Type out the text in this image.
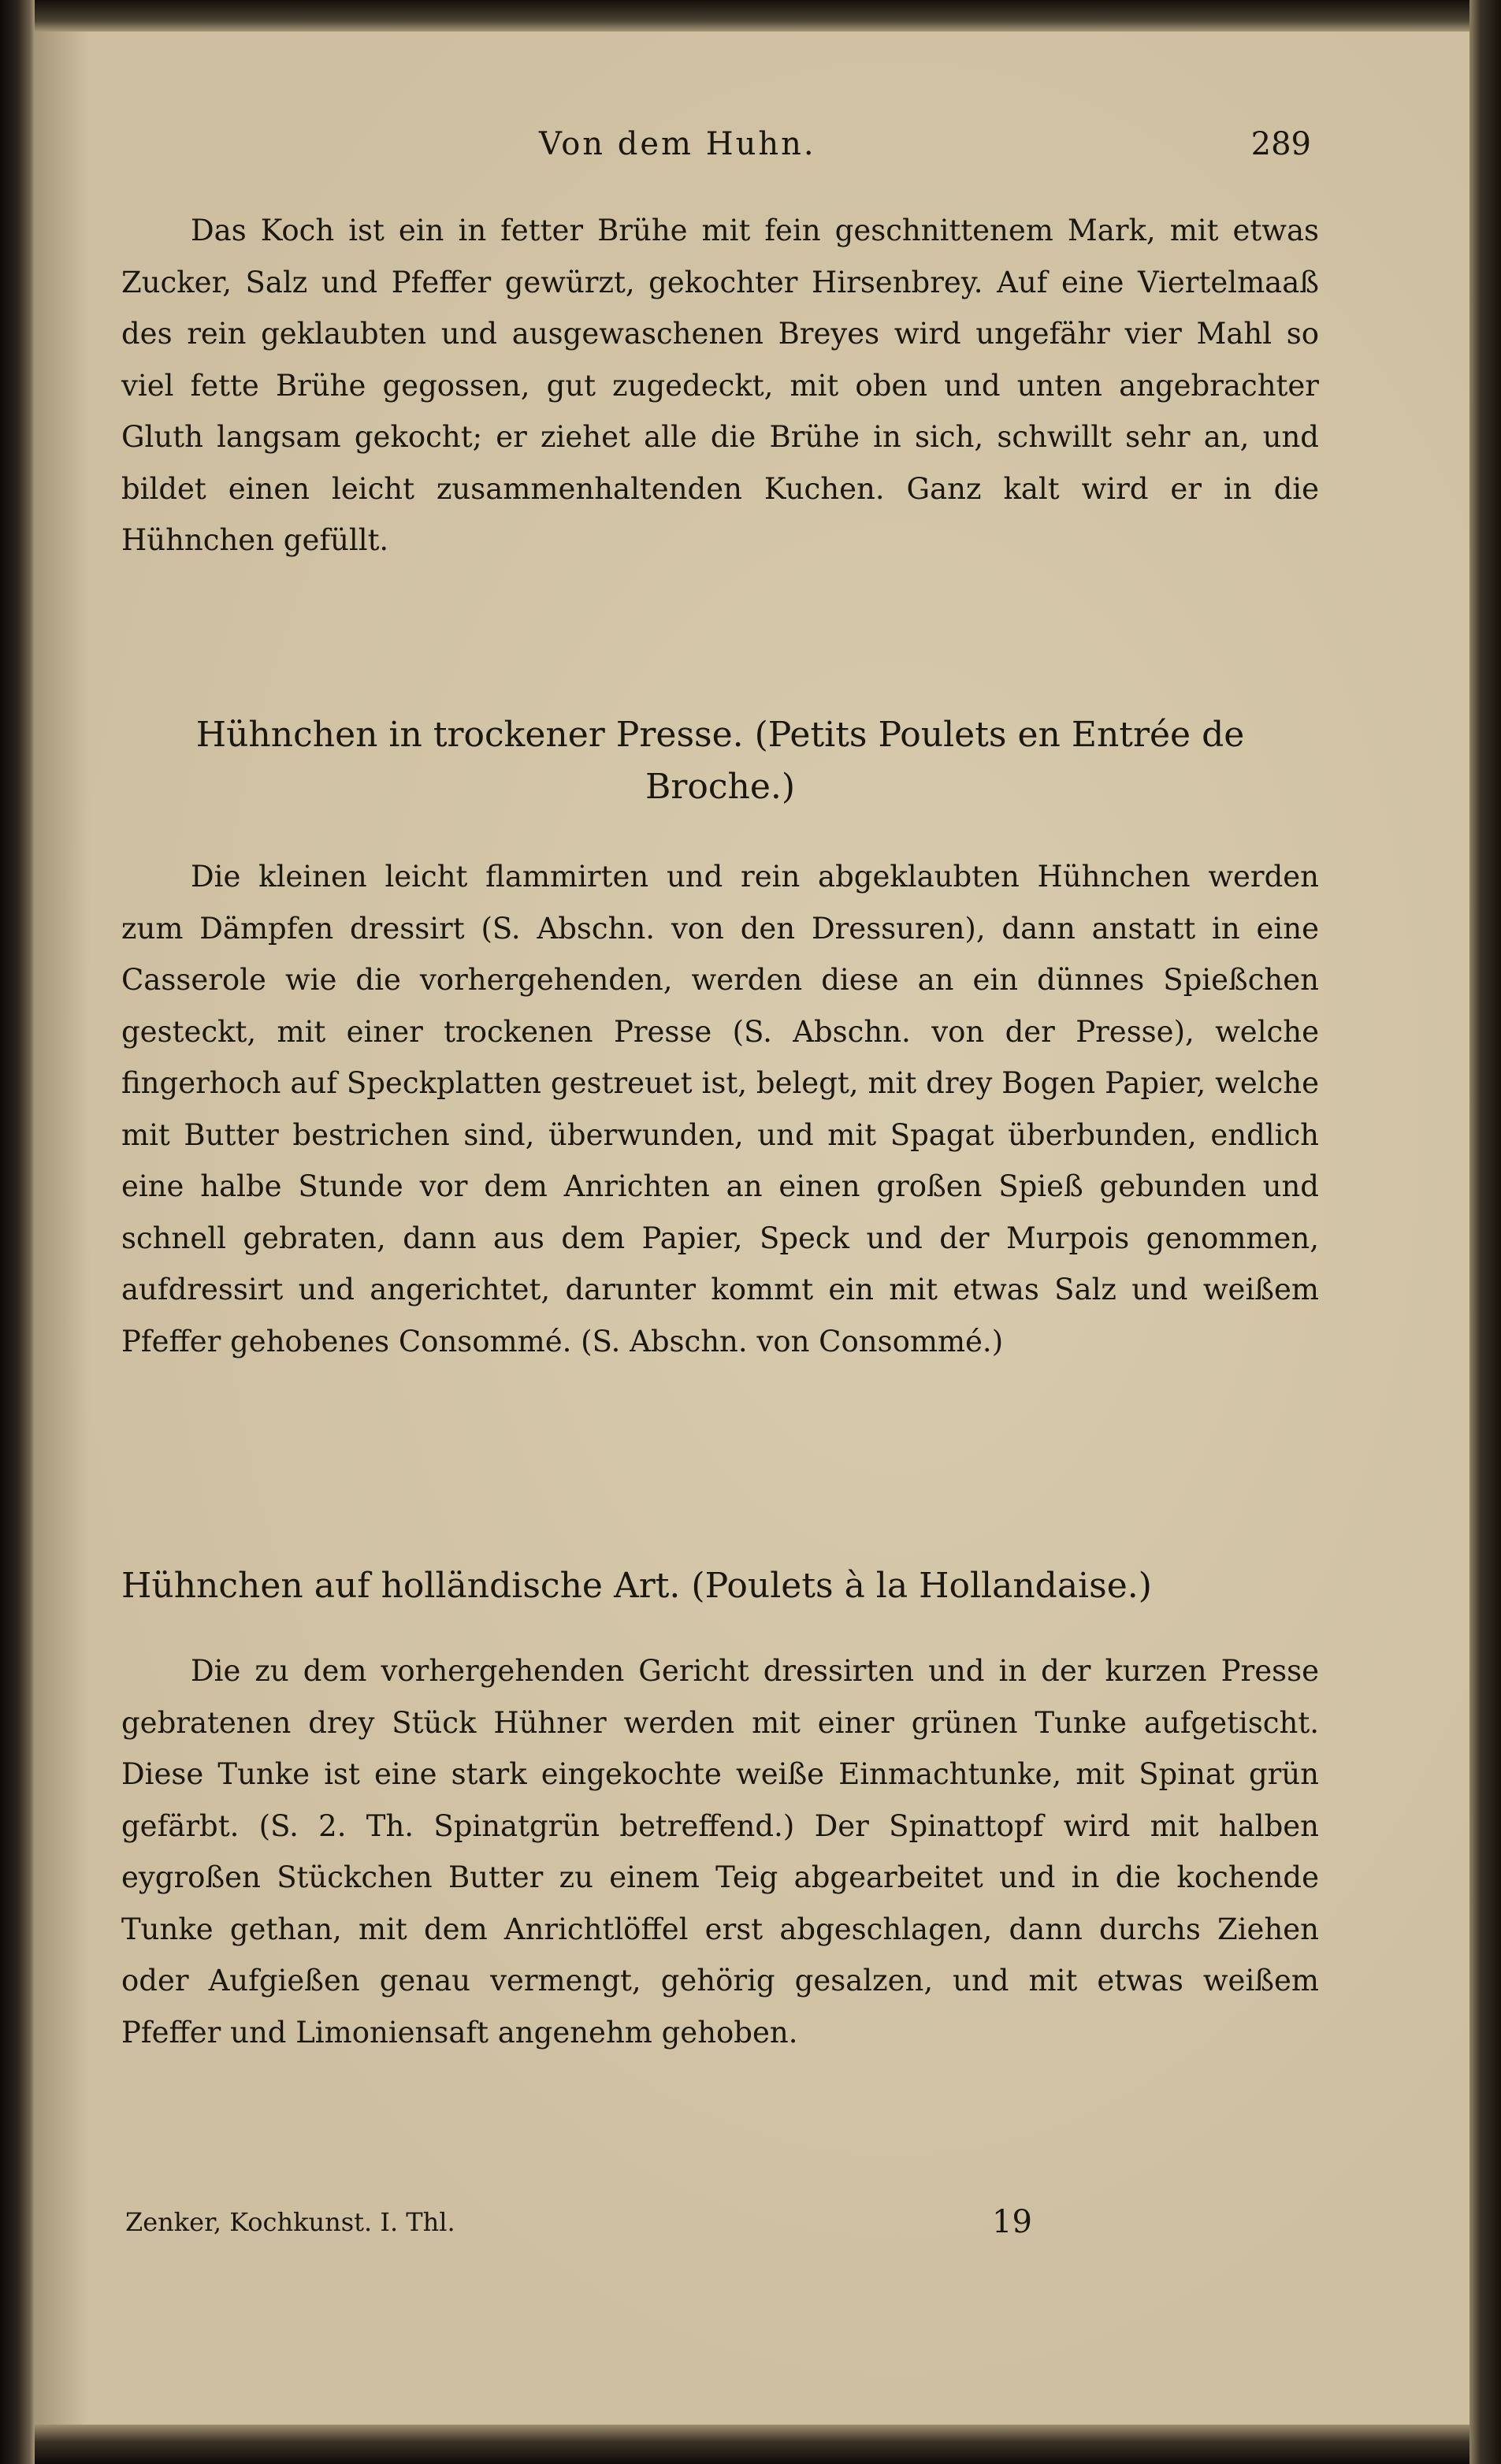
Von dem Huhn.	289

Das Koch ist ein in fetter Brühe mit fein geschnittenem Mark, mit etwas Zucker, Salz und Pfeffer gewürzt, gekochter Hirsenbrey. Auf eine Viertelmaaß des rein geklaubten und ausgewaschenen Breyes wird ungefähr vier Mahl so viel fette Brühe gegossen, gut zugedeckt, mit oben und unten angebrachter Gluth langsam gekocht; er ziehet alle die Brühe in sich, schwillt sehr an, und bildet einen leicht zusammenhaltenden Kuchen. Ganz kalt wird er in die Hühnchen gefüllt.

Hühnchen in trockener Presse. (Petits Poulets en Entrée de Broche.)

Die kleinen leicht flammirten und rein abgeklaubten Hühnchen werden zum Dämpfen dressirt (S. Abschn. von den Dressuren), dann anstatt in eine Casserole wie die vorhergehenden, werden diese an ein dünnes Spießchen gesteckt, mit einer trockenen Presse (S. Abschn. von der Presse), welche fingerhoch auf Speckplatten gestreuet ist, belegt, mit drey Bogen Papier, welche mit Butter bestrichen sind, überwunden, und mit Spagat überbunden, endlich eine halbe Stunde vor dem Anrichten an einen großen Spieß gebunden und schnell gebraten, dann aus dem Papier, Speck und der Murpois genommen, aufdressirt und angerichtet, darunter kommt ein mit etwas Salz und weißem Pfeffer gehobenes Consommé. (S. Abschn. von Consommé.)

Hühnchen auf holländische Art. (Poulets à la Hollandaise.)

Die zu dem vorhergehenden Gericht dressirten und in der kurzen Presse gebratenen drey Stück Hühner werden mit einer grünen Tunke aufgetischt. Diese Tunke ist eine stark eingekochte weiße Einmachtunke, mit Spinat grün gefärbt. (S. 2. Th. Spinatgrün betreffend.) Der Spinattopf wird mit halben eygroßen Stückchen Butter zu einem Teig abgearbeitet und in die kochende Tunke gethan, mit dem Anrichtlöffel erst abgeschlagen, dann durchs Ziehen oder Aufgießen genau vermengt, gehörig gesalzen, und mit etwas weißem Pfeffer und Limoniensaft angenehm gehoben.

Zenker, Kochkunst. I. Thl.	19
